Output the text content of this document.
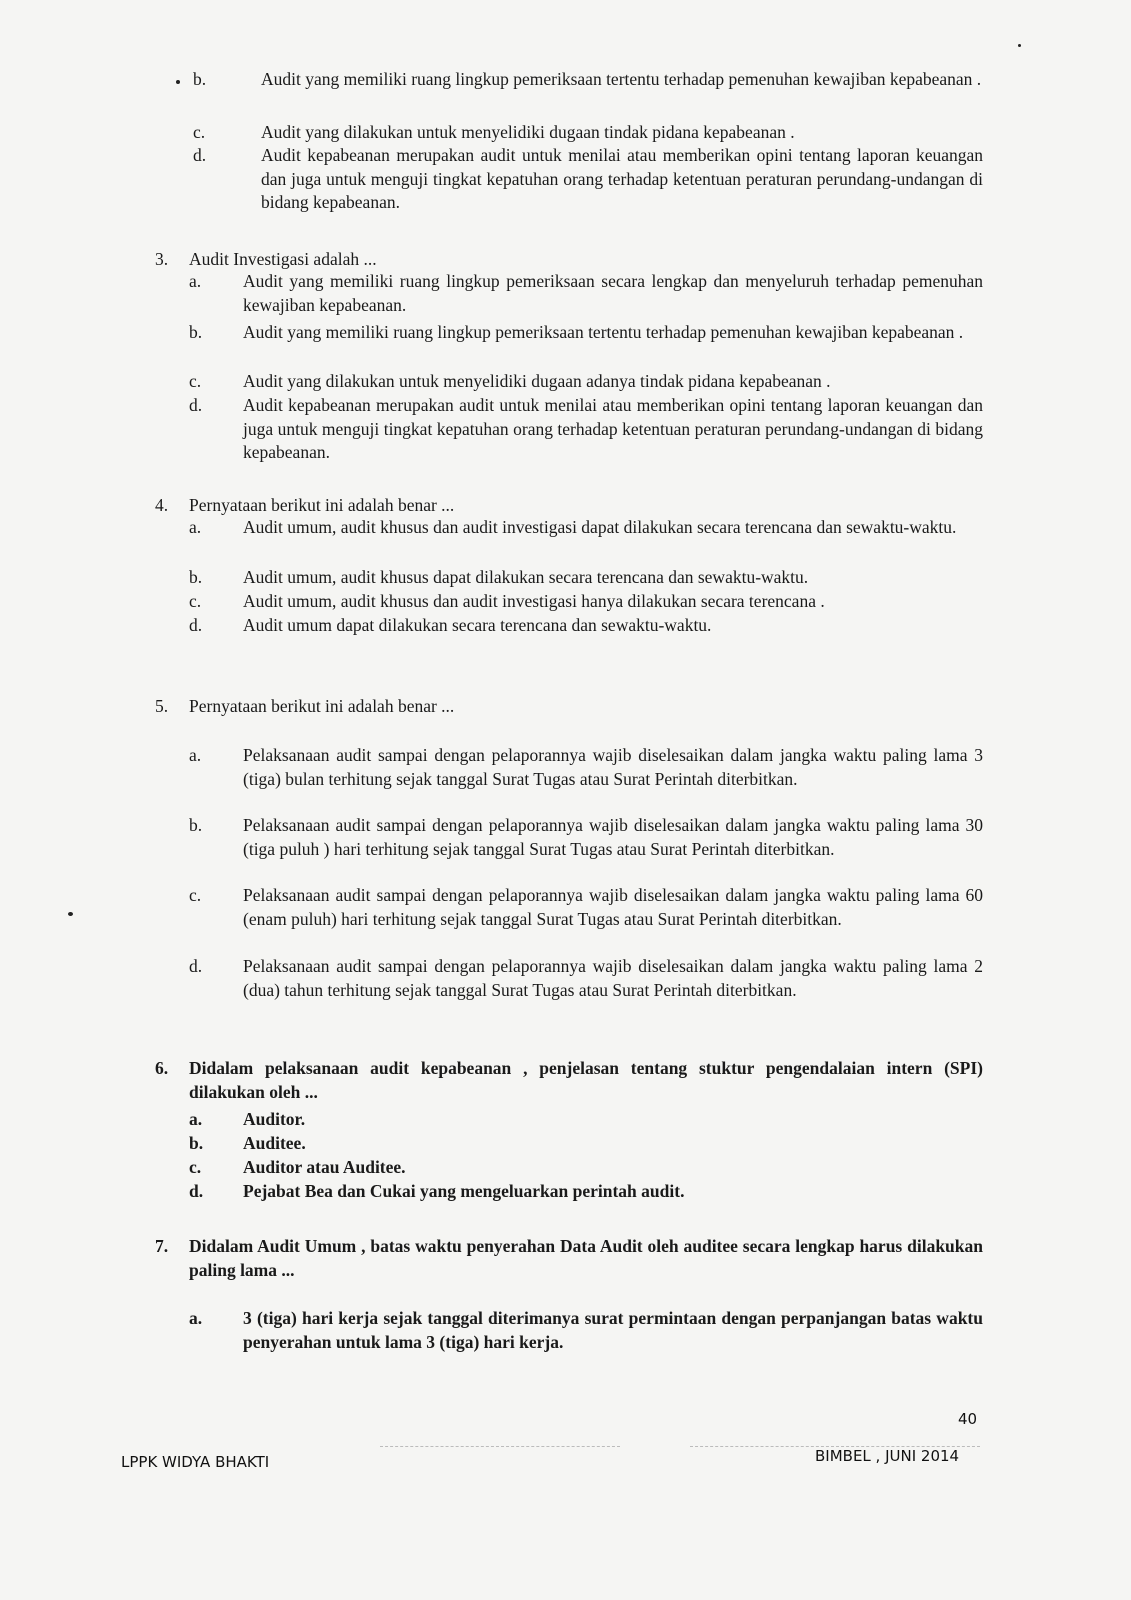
b.	Audit yang memiliki ruang lingkup pemeriksaan tertentu terhadap pemenuhan kewajiban kepabeanan .
c.	Audit yang dilakukan untuk menyelidiki dugaan tindak pidana kepabeanan .
d.	Audit kepabeanan merupakan audit untuk menilai atau memberikan opini tentang laporan keuangan dan juga untuk menguji tingkat kepatuhan orang terhadap ketentuan peraturan perundang-undangan di bidang kepabeanan.
3. Audit Investigasi adalah ...
a. Audit yang memiliki ruang lingkup pemeriksaan secara lengkap dan menyeluruh terhadap pemenuhan kewajiban kepabeanan.
b. Audit yang memiliki ruang lingkup pemeriksaan tertentu terhadap pemenuhan kewajiban kepabeanan .
c. Audit yang dilakukan untuk menyelidiki dugaan adanya tindak pidana kepabeanan .
d. Audit kepabeanan merupakan audit untuk menilai atau memberikan opini tentang laporan keuangan dan juga untuk menguji tingkat kepatuhan orang terhadap ketentuan peraturan perundang-undangan di bidang kepabeanan.
4. Pernyataan berikut ini adalah benar ...
a. Audit umum, audit khusus dan audit investigasi dapat dilakukan secara terencana dan sewaktu-waktu.
b. Audit umum, audit khusus dapat dilakukan secara terencana dan sewaktu-waktu.
c. Audit umum, audit khusus dan audit investigasi hanya dilakukan secara terencana .
d. Audit umum dapat dilakukan secara terencana dan sewaktu-waktu.
5. Pernyataan berikut ini adalah benar ...
a. Pelaksanaan audit sampai dengan pelaporannya wajib diselesaikan dalam jangka waktu paling lama 3 (tiga) bulan terhitung sejak tanggal Surat Tugas atau Surat Perintah diterbitkan.
b. Pelaksanaan audit sampai dengan pelaporannya wajib diselesaikan dalam jangka waktu paling lama 30 (tiga puluh ) hari terhitung sejak tanggal Surat Tugas atau Surat Perintah diterbitkan.
c. Pelaksanaan audit sampai dengan pelaporannya wajib diselesaikan dalam jangka waktu paling lama 60 (enam puluh) hari terhitung sejak tanggal Surat Tugas atau Surat Perintah diterbitkan.
d. Pelaksanaan audit sampai dengan pelaporannya wajib diselesaikan dalam jangka waktu paling lama 2 (dua) tahun terhitung sejak tanggal Surat Tugas atau Surat Perintah diterbitkan.
6. Didalam pelaksanaan audit kepabeanan , penjelasan tentang stuktur pengendalaian intern (SPI) dilakukan oleh ...
a. Auditor.
b. Auditee.
c. Auditor atau Auditee.
d. Pejabat Bea dan Cukai yang mengeluarkan perintah audit.
7. Didalam Audit Umum , batas waktu penyerahan Data Audit oleh auditee secara lengkap harus dilakukan paling lama ...
a. 3 (tiga) hari kerja sejak tanggal diterimanya surat permintaan dengan perpanjangan batas waktu penyerahan untuk lama 3 (tiga) hari kerja.
40
LPPK WIDYA BHAKTI	BIMBEL , JUNI 2014
